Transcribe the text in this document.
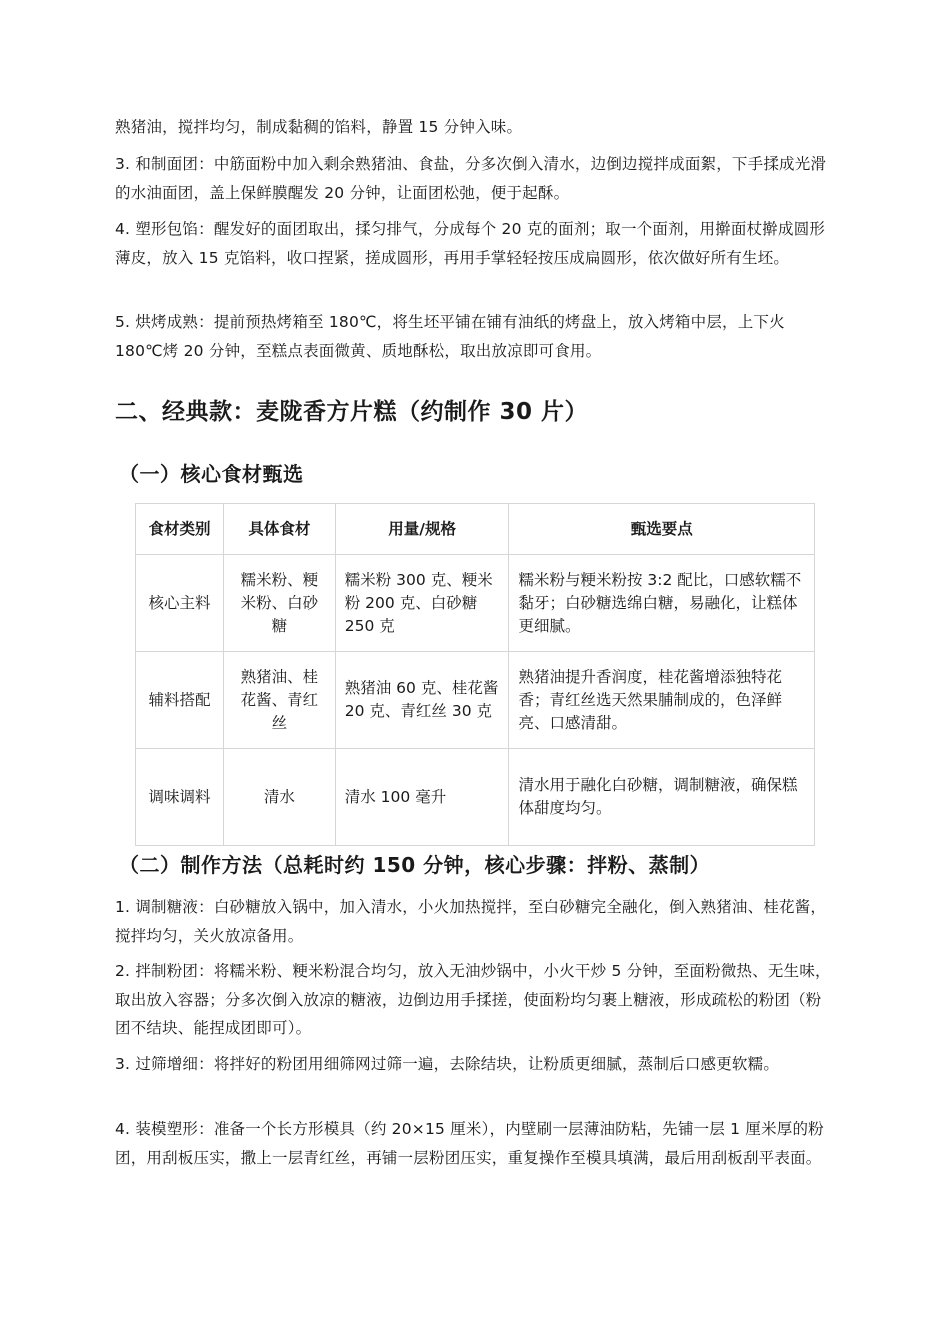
熟猪油，搅拌均匀，制成黏稠的馅料，静置 15 分钟入味。
3. 和制面团：中筋面粉中加入剩余熟猪油、食盐，分多次倒入清水，边倒边搅拌成面絮，下手揉成光滑的水油面团，盖上保鲜膜醒发 20 分钟，让面团松弛，便于起酥。
4. 塑形包馅：醒发好的面团取出，揉匀排气，分成每个 20 克的面剂；取一个面剂，用擀面杖擀成圆形薄皮，放入 15 克馅料，收口捏紧，搓成圆形，再用手掌轻轻按压成扁圆形，依次做好所有生坯。
5. 烘烤成熟：提前预热烤箱至 180℃，将生坯平铺在铺有油纸的烤盘上，放入烤箱中层，上下火 180℃烤 20 分钟，至糕点表面微黄、质地酥松，取出放凉即可食用。
二、经典款：麦陇香方片糕（约制作 30 片）
（一）核心食材甄选
食材类别	具体食材	用量/规格	甄选要点
核心主料	糯米粉、粳米粉、白砂糖	糯米粉 300 克、粳米粉 200 克、白砂糖 250 克	糯米粉与粳米粉按 3:2 配比，口感软糯不黏牙；白砂糖选绵白糖，易融化，让糕体更细腻。
辅料搭配	熟猪油、桂花酱、青红丝	熟猪油 60 克、桂花酱 20 克、青红丝 30 克	熟猪油提升香润度，桂花酱增添独特花香；青红丝选天然果脯制成的，色泽鲜亮、口感清甜。
调味调料	清水	清水 100 毫升	清水用于融化白砂糖，调制糖液，确保糕体甜度均匀。
（二）制作方法（总耗时约 150 分钟，核心步骤：拌粉、蒸制）
1. 调制糖液：白砂糖放入锅中，加入清水，小火加热搅拌，至白砂糖完全融化，倒入熟猪油、桂花酱，搅拌均匀，关火放凉备用。
2. 拌制粉团：将糯米粉、粳米粉混合均匀，放入无油炒锅中，小火干炒 5 分钟，至面粉微热、无生味，取出放入容器；分多次倒入放凉的糖液，边倒边用手揉搓，使面粉均匀裹上糖液，形成疏松的粉团（粉团不结块、能捏成团即可）。
3. 过筛增细：将拌好的粉团用细筛网过筛一遍，去除结块，让粉质更细腻，蒸制后口感更软糯。
4. 装模塑形：准备一个长方形模具（约 20×15 厘米），内壁刷一层薄油防粘，先铺一层 1 厘米厚的粉团，用刮板压实，撒上一层青红丝，再铺一层粉团压实，重复操作至模具填满，最后用刮板刮平表面。
